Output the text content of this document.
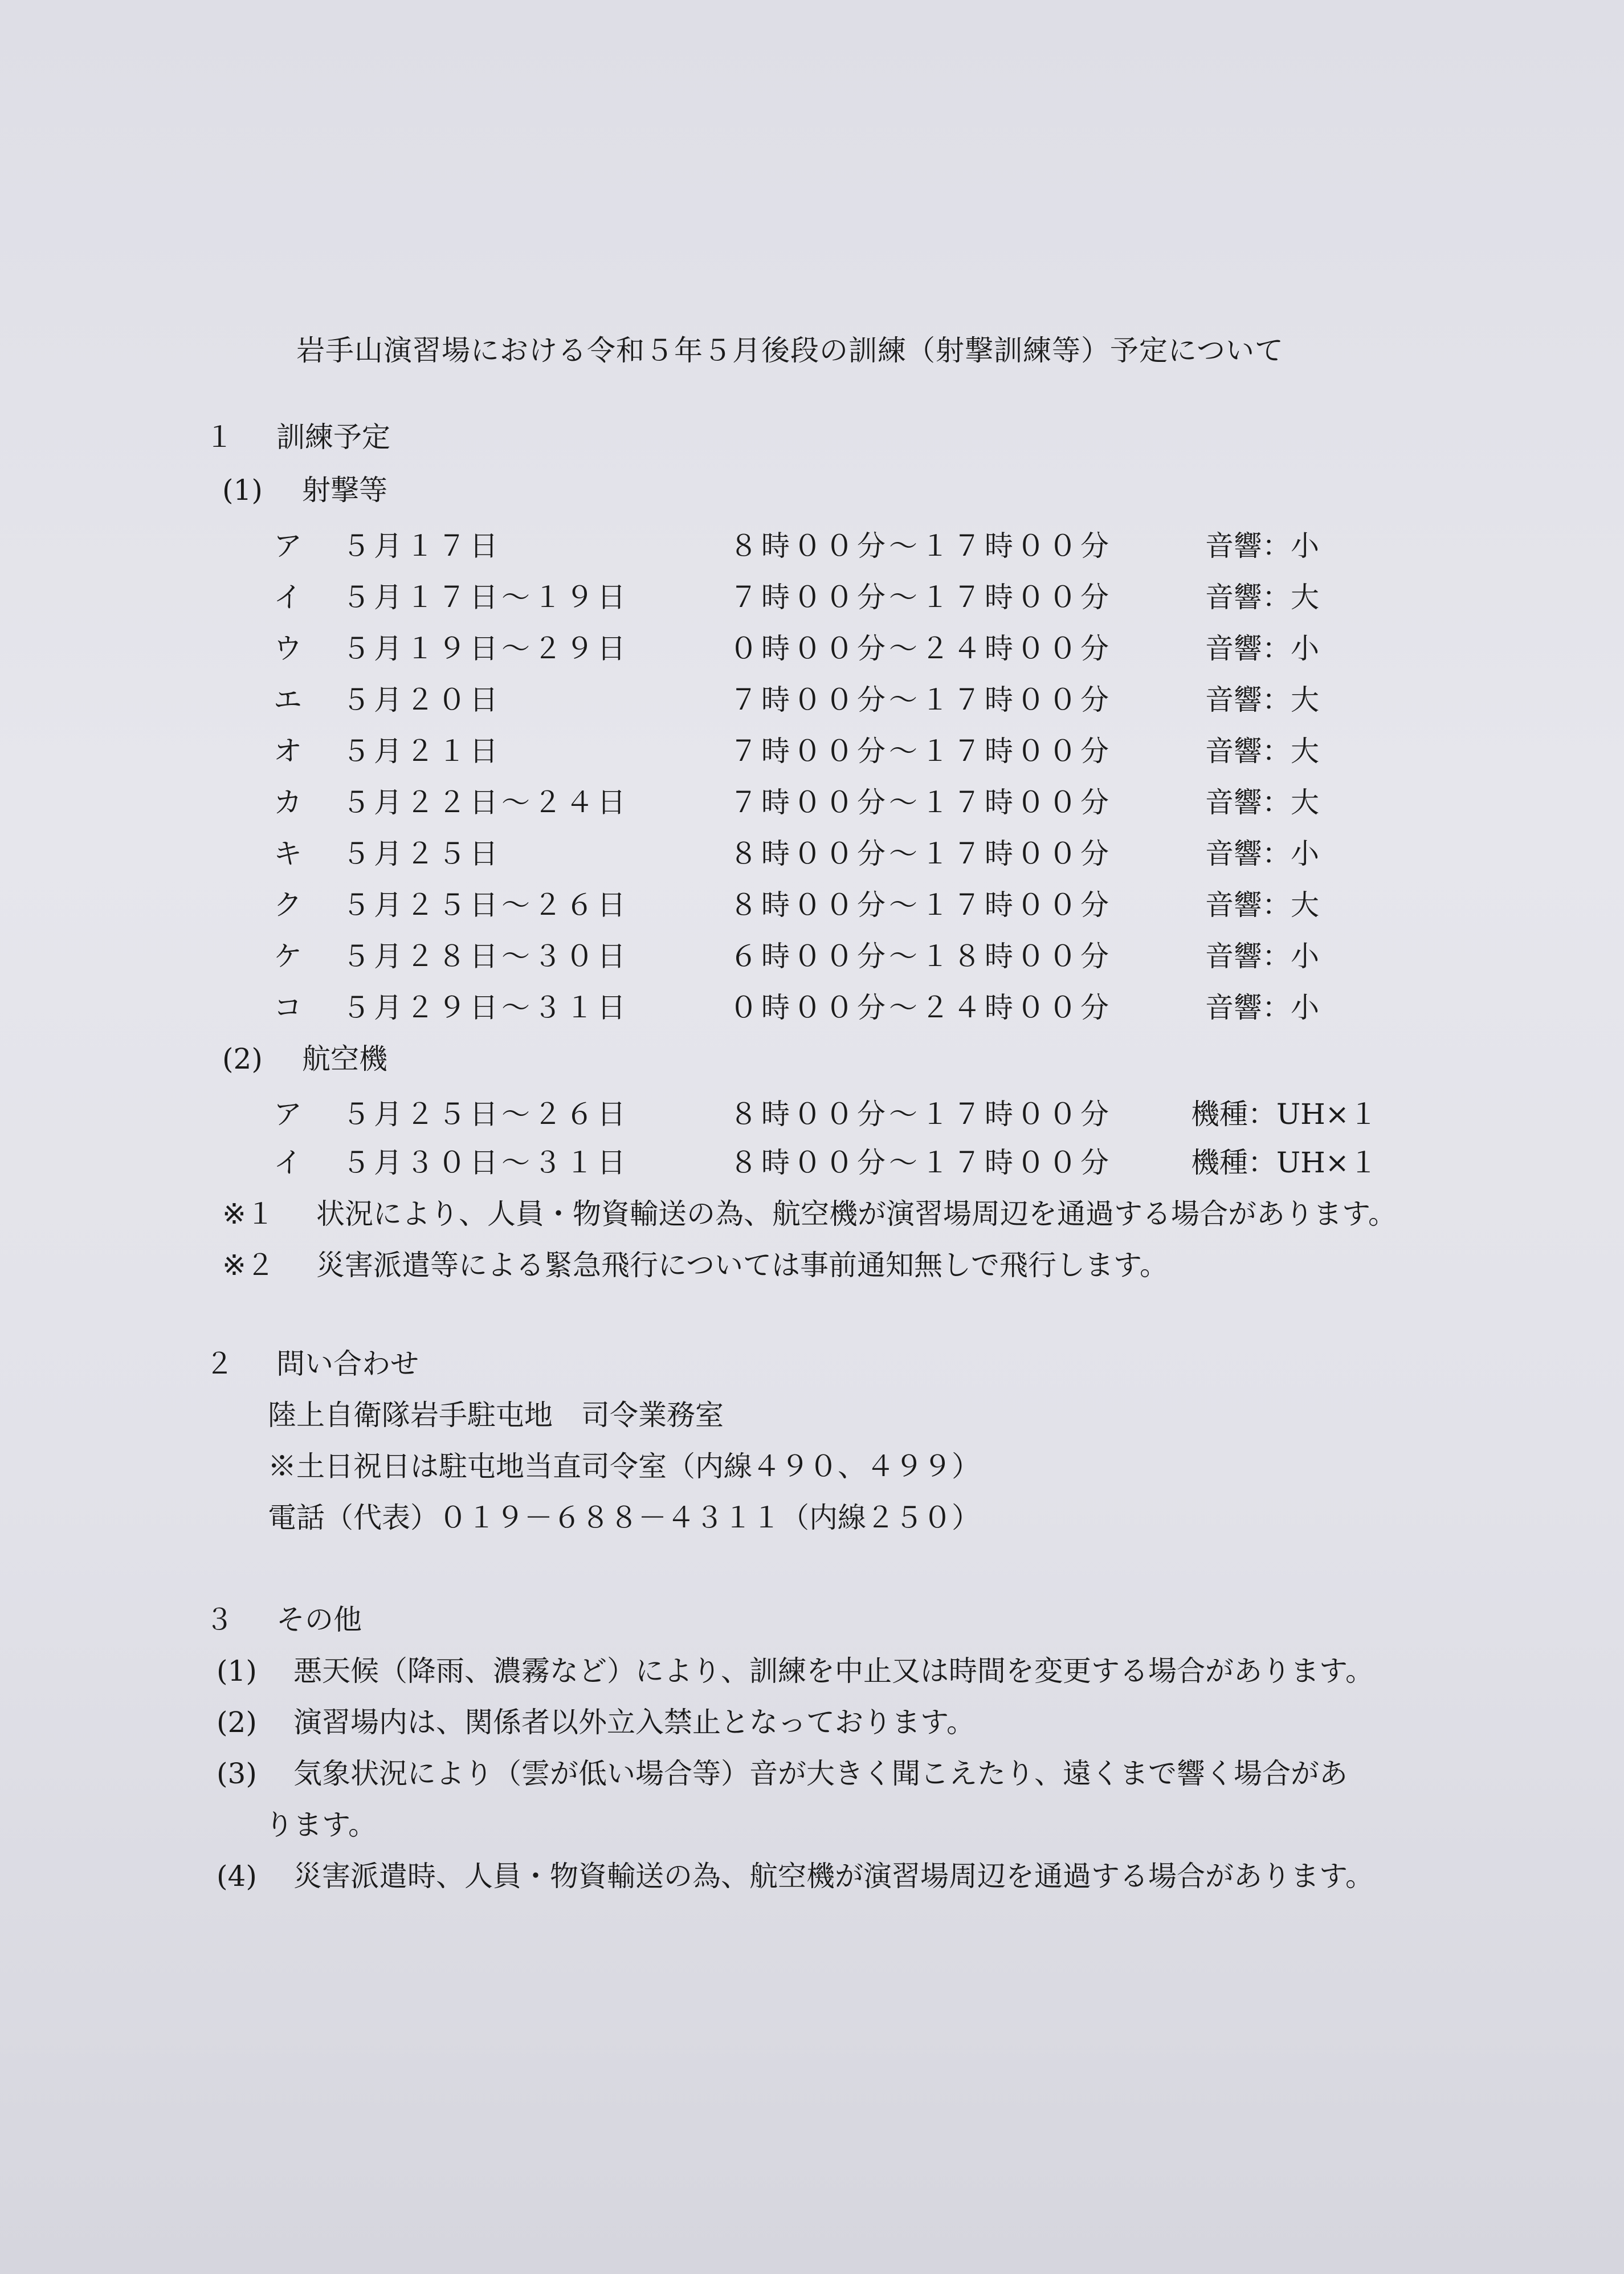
岩手山演習場における令和５年５月後段の訓練（射撃訓練等）予定について
１ 訓練予定
(1) 射撃等
ア ５月１７日	８時００分～１７時００分	音響：小
イ ５月１７日～１９日	７時００分～１７時００分	音響：大
ウ ５月１９日～２９日	０時００分～２４時００分	音響：小
エ ５月２０日	７時００分～１７時００分	音響：大
オ ５月２１日	７時００分～１７時００分	音響：大
カ ５月２２日～２４日	７時００分～１７時００分	音響：大
キ ５月２５日	８時００分～１７時００分	音響：小
ク ５月２５日～２６日	８時００分～１７時００分	音響：大
ケ ５月２８日～３０日	６時００分～１８時００分	音響：小
コ ５月２９日～３１日	０時００分～２４時００分	音響：小
(2) 航空機
ア ５月２５日～２６日	８時００分～１７時００分	機種：UH×１
イ ５月３０日～３１日	８時００分～１７時００分	機種：UH×１
※１ 状況により、人員・物資輸送の為、航空機が演習場周辺を通過する場合があります。
※２ 災害派遣等による緊急飛行については事前通知無しで飛行します。
２ 問い合わせ
陸上自衛隊岩手駐屯地　司令業務室
※土日祝日は駐屯地当直司令室（内線４９０、４９９）
電話（代表）０１９－６８８－４３１１（内線２５０）
３ その他
(1) 悪天候（降雨、濃霧など）により、訓練を中止又は時間を変更する場合があります。
(2) 演習場内は、関係者以外立入禁止となっております。
(3) 気象状況により（雲が低い場合等）音が大きく聞こえたり、遠くまで響く場合があ
ります。
(4) 災害派遣時、人員・物資輸送の為、航空機が演習場周辺を通過する場合があります。
